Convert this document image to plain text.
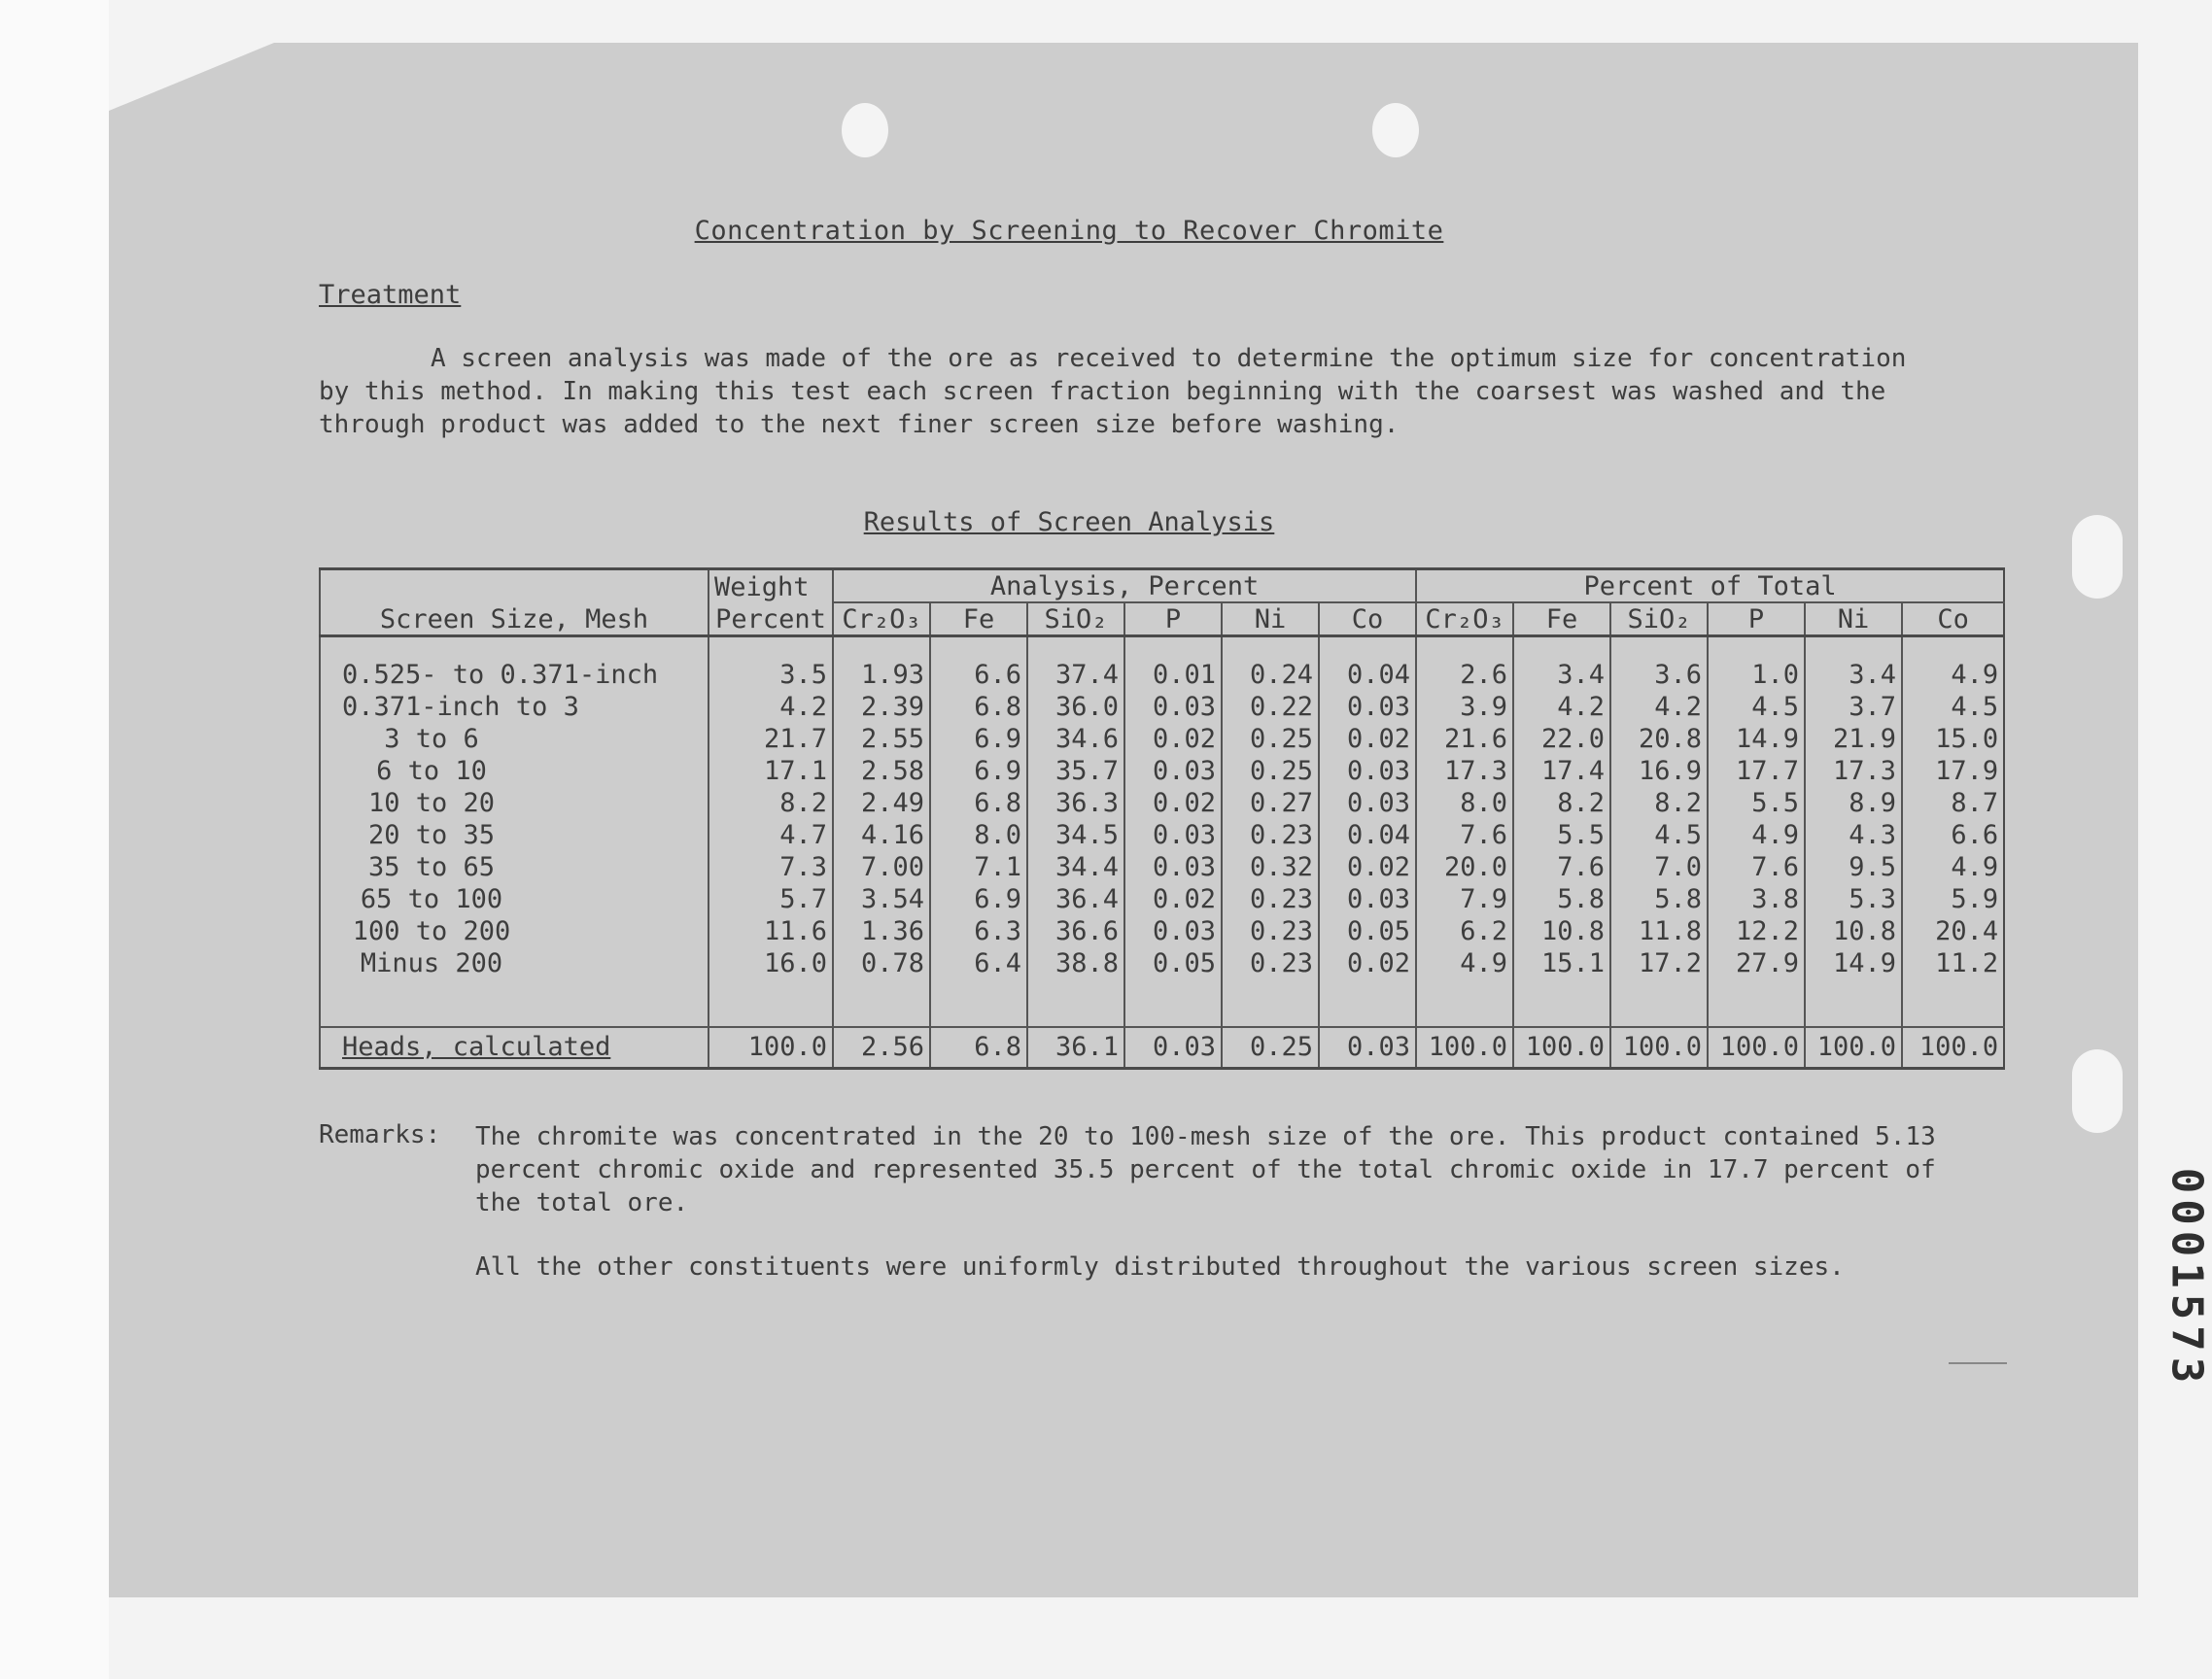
Concentration by Screening to Recover Chromite
Treatment

A screen analysis was made of the ore as received to determine the optimum size for concentration by this method. In making this test each screen fraction beginning with the coarsest was washed and the through product was added to the next finer screen size before washing.

Results of Screen Analysis
	Weight	Analysis, Percent						Percent of Total					
Screen Size, Mesh	Percent	Cr₂O₃	Fe	SiO₂	P	Ni	Co	Cr₂O₃	Fe	SiO₂	P	Ni	Co

0.525- to 0.371-inch	3.5	1.93	6.6	37.4	0.01	0.24	0.04	2.6	3.4	3.6	1.0	3.4	4.9
0.371-inch to 3	4.2	2.39	6.8	36.0	0.03	0.22	0.03	3.9	4.2	4.2	4.5	3.7	4.5
3 to 6	21.7	2.55	6.9	34.6	0.02	0.25	0.02	21.6	22.0	20.8	14.9	21.9	15.0
6 to 10	17.1	2.58	6.9	35.7	0.03	0.25	0.03	17.3	17.4	16.9	17.7	17.3	17.9
10 to 20	8.2	2.49	6.8	36.3	0.02	0.27	0.03	8.0	8.2	8.2	5.5	8.9	8.7
20 to 35	4.7	4.16	8.0	34.5	0.03	0.23	0.04	7.6	5.5	4.5	4.9	4.3	6.6
35 to 65	7.3	7.00	7.1	34.4	0.03	0.32	0.02	20.0	7.6	7.0	7.6	9.5	4.9
65 to 100	5.7	3.54	6.9	36.4	0.02	0.23	0.03	7.9	5.8	5.8	3.8	5.3	5.9
100 to 200	11.6	1.36	6.3	36.6	0.03	0.23	0.05	6.2	10.8	11.8	12.2	10.8	20.4
Minus 200	16.0	0.78	6.4	38.8	0.05	0.23	0.02	4.9	15.1	17.2	27.9	14.9	11.2

Heads, calculated	100.0	2.56	6.8	36.1	0.03	0.25	0.03	100.0	100.0	100.0	100.0	100.0	100.0
Remarks: The chromite was concentrated in the 20 to 100-mesh size of the ore. This product contained 5.13 percent chromic oxide and represented 35.5 percent of the total chromic oxide in 17.7 percent of the total ore.

All the other constituents were uniformly distributed throughout the various screen sizes.	0001573
